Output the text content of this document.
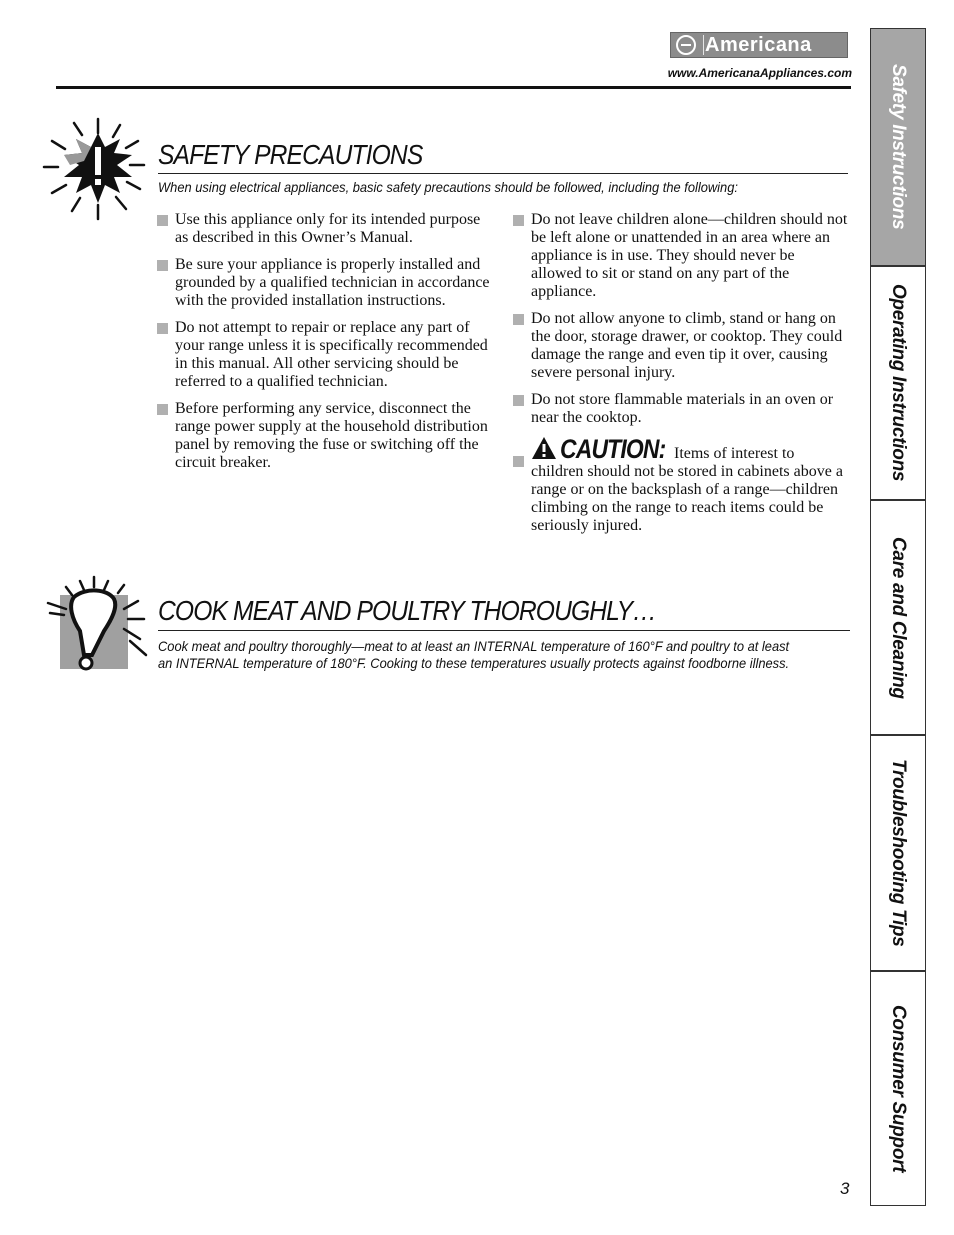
Americana
www.AmericanaAppliances.com
SAFETY PRECAUTIONS

When using electrical appliances, basic safety precautions should be followed, including the following:

Use this appliance only for its intended purpose as described in this Owner’s Manual.
Be sure your appliance is properly installed and grounded by a qualified technician in accordance with the provided installation instructions.
Do not attempt to repair or replace any part of your range unless it is specifically recommended in this manual. All other servicing should be referred to a qualified technician.
Before performing any service, disconnect the range power supply at the household distribution panel by removing the fuse or switching off the circuit breaker.
Do not leave children alone—children should not be left alone or unattended in an area where an appliance is in use. They should never be allowed to sit or stand on any part of the appliance.
Do not allow anyone to climb, stand or hang on the door, storage drawer, or cooktop. They could damage the range and even tip it over, causing severe personal injury.
Do not store flammable materials in an oven or near the cooktop.
CAUTION: Items of interest to children should not be stored in cabinets above a range or on the backsplash of a range—children climbing on the range to reach items could be seriously injured.
COOK MEAT AND POULTRY THOROUGHLY…

Cook meat and poultry thoroughly—meat to at least an INTERNAL temperature of 160°F and poultry to at least

an INTERNAL temperature of 180°F. Cooking to these temperatures usually protects against foodborne illness.

Safety Instructions
Operating Instructions
Care and Cleaning
Troubleshooting Tips
Consumer Support
3
